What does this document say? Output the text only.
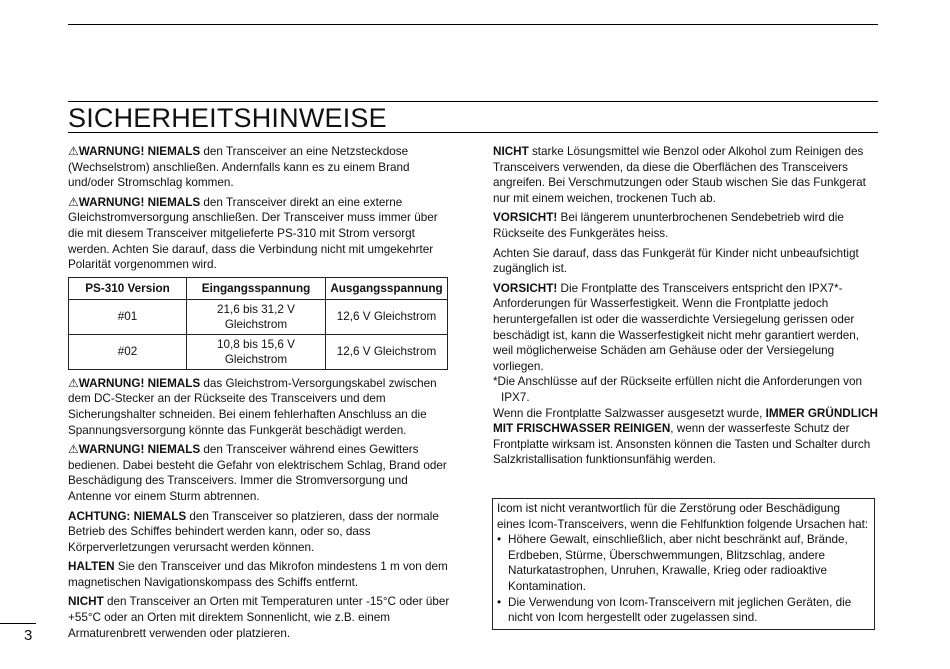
SICHERHEITSHINWEISE

⚠WARNUNG! NIEMALS den Transceiver an eine Netzsteckdose (Wechselstrom) anschließen. Andernfalls kann es zu einem Brand und/oder Stromschlag kommen.

⚠WARNUNG! NIEMALS den Transceiver direkt an eine externe Gleichstromversorgung anschließen. Der Transceiver muss immer über die mit diesem Transceiver mitgelieferte PS-310 mit Strom versorgt werden. Achten Sie darauf, dass die Verbindung nicht mit umgekehrter Polarität vorgenommen wird.

PS-310 Version	Eingangsspannung	Ausgangsspannung
#01	21,6 bis 31,2 V Gleichstrom	12,6 V Gleichstrom
#02	10,8 bis 15,6 V Gleichstrom	12,6 V Gleichstrom

⚠WARNUNG! NIEMALS das Gleichstrom-Versorgungskabel zwischen dem DC-Stecker an der Rückseite des Transceivers und dem Sicherungshalter schneiden. Bei einem fehlerhaften Anschluss an die Spannungsversorgung könnte das Funkgerät beschädigt werden.

⚠WARNUNG! NIEMALS den Transceiver während eines Gewitters bedienen. Dabei besteht die Gefahr von elektrischem Schlag, Brand oder Beschädigung des Transceivers. Immer die Stromversorgung und Antenne vor einem Sturm abtrennen.

ACHTUNG: NIEMALS den Transceiver so platzieren, dass der normale Betrieb des Schiffes behindert werden kann, oder so, dass Körperverletzungen verursacht werden können.

HALTEN Sie den Transceiver und das Mikrofon mindestens 1 m von dem magnetischen Navigationskompass des Schiffs entfernt.

NICHT den Transceiver an Orten mit Temperaturen unter -15°C oder über +55°C oder an Orten mit direktem Sonnenlicht, wie z.B. einem Armaturenbrett verwenden oder platzieren.

NICHT starke Lösungsmittel wie Benzol oder Alkohol zum Reinigen des Transceivers verwenden, da diese die Oberflächen des Transceivers angreifen. Bei Verschmutzungen oder Staub wischen Sie das Funkgerat nur mit einem weichen, trockenen Tuch ab.

VORSICHT! Bei längerem ununterbrochenen Sendebetrieb wird die Rückseite des Funkgerätes heiss.

Achten Sie darauf, dass das Funkgerät für Kinder nicht unbeaufsichtigt zugänglich ist.

VORSICHT! Die Frontplatte des Transceivers entspricht den IPX7*-Anforderungen für Wasserfestigkeit. Wenn die Frontplatte jedoch heruntergefallen ist oder die wasserdichte Versiegelung gerissen oder beschädigt ist, kann die Wasserfestigkeit nicht mehr garantiert werden, weil möglicherweise Schäden am Gehäuse oder der Versiegelung vorliegen.

*Die Anschlüsse auf der Rückseite erfüllen nicht die Anforderungen von IPX7.

Wenn die Frontplatte Salzwasser ausgesetzt wurde, IMMER GRÜNDLICH MIT FRISCHWASSER REINIGEN, wenn der wasserfeste Schutz der Frontplatte wirksam ist. Ansonsten können die Tasten und Schalter durch Salzkristallisation funktionsunfähig werden.

Icom ist nicht verantwortlich für die Zerstörung oder Beschädigung eines Icom-Transceivers, wenn die Fehlfunktion folgende Ursachen hat:
• Höhere Gewalt, einschließlich, aber nicht beschränkt auf, Brände, Erdbeben, Stürme, Überschwemmungen, Blitzschlag, andere Naturkatastrophen, Unruhen, Krawalle, Krieg oder radioaktive Kontamination.
• Die Verwendung von Icom-Transceivern mit jeglichen Geräten, die nicht von Icom hergestellt oder zugelassen sind.
3
